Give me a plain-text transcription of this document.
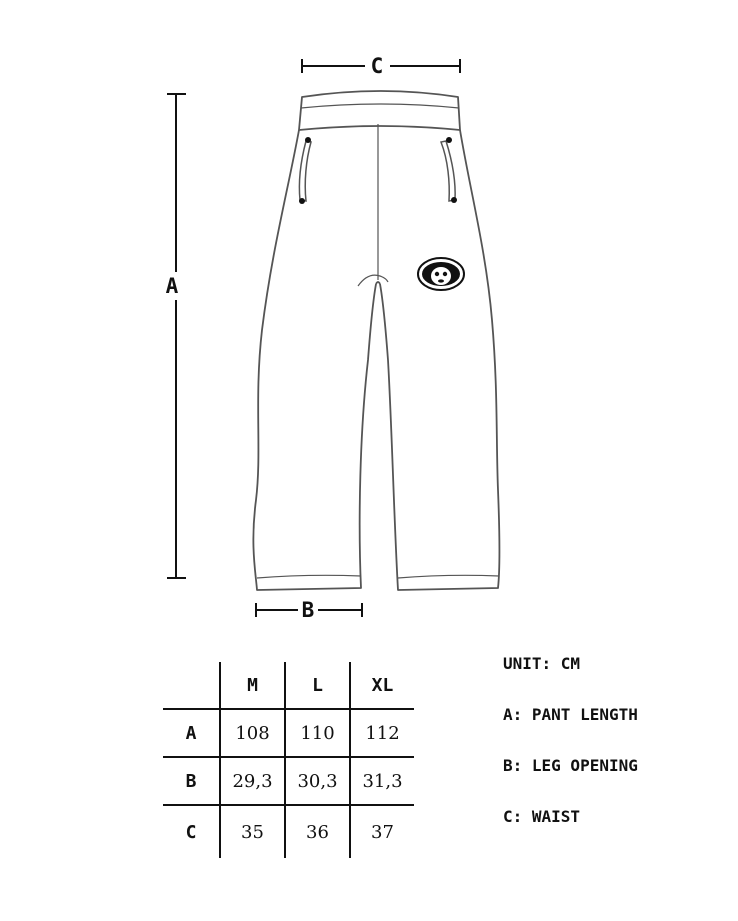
C
A
B
	M	L	XL
A	108	110	112
B	29,3	30,3	31,3
C	35	36	37
UNIT: CM
A: PANT LENGTH
B: LEG OPENING
C: WAIST
